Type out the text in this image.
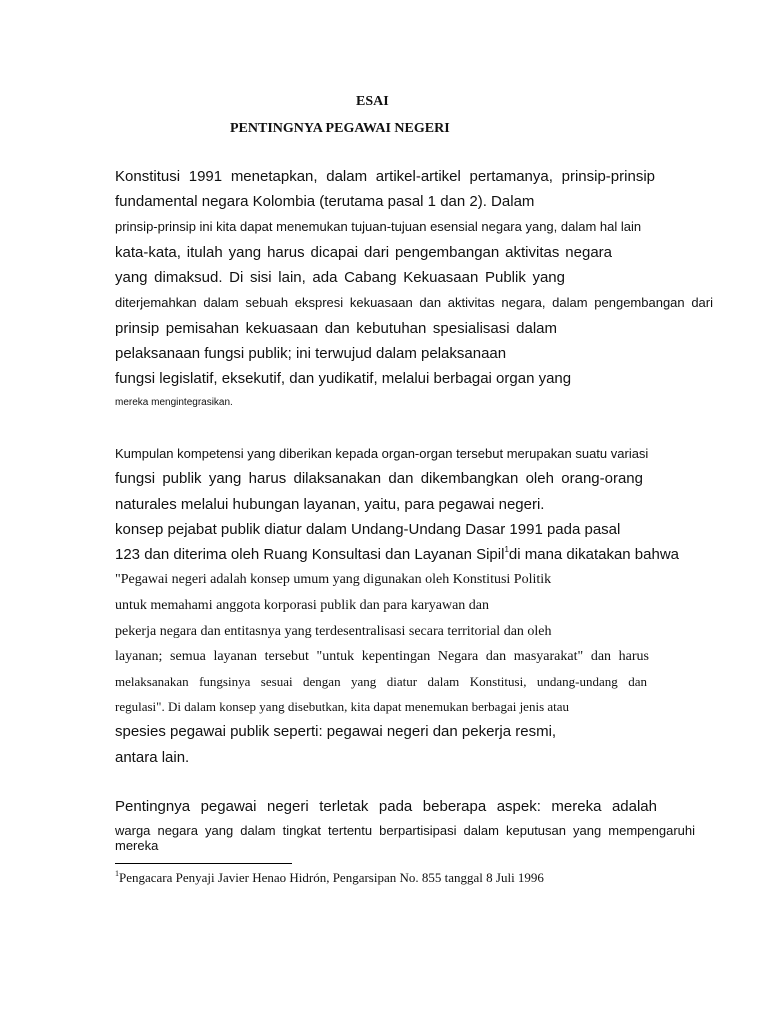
ESAI
PENTINGNYA PEGAWAI NEGERI
Konstitusi 1991 menetapkan, dalam artikel-artikel pertamanya, prinsip-prinsip
fundamental negara Kolombia (terutama pasal 1 dan 2). Dalam
prinsip-prinsip ini kita dapat menemukan tujuan-tujuan esensial negara yang, dalam hal lain
kata-kata, itulah yang harus dicapai dari pengembangan aktivitas negara
yang dimaksud. Di sisi lain, ada Cabang Kekuasaan Publik yang
diterjemahkan dalam sebuah ekspresi kekuasaan dan aktivitas negara, dalam pengembangan dari
prinsip pemisahan kekuasaan dan kebutuhan spesialisasi dalam
pelaksanaan fungsi publik; ini terwujud dalam pelaksanaan
fungsi legislatif, eksekutif, dan yudikatif, melalui berbagai organ yang
mereka mengintegrasikan.
Kumpulan kompetensi yang diberikan kepada organ-organ tersebut merupakan suatu variasi
fungsi publik yang harus dilaksanakan dan dikembangkan oleh orang-orang
naturales melalui hubungan layanan, yaitu, para pegawai negeri.
konsep pejabat publik diatur dalam Undang-Undang Dasar 1991 pada pasal
123 dan diterima oleh Ruang Konsultasi dan Layanan Sipil$^1$di mana dikatakan bahwa
"Pegawai negeri adalah konsep umum yang digunakan oleh Konstitusi Politik
untuk memahami anggota korporasi publik dan para karyawan dan
pekerja negara dan entitasnya yang terdesentralisasi secara territorial dan oleh
layanan; semua layanan tersebut "untuk kepentingan Negara dan masyarakat" dan harus
melaksanakan fungsinya sesuai dengan yang diatur dalam Konstitusi, undang-undang dan
regulasi". Di dalam konsep yang disebutkan, kita dapat menemukan berbagai jenis atau
spesies pegawai publik seperti: pegawai negeri dan pekerja resmi,
antara lain.
Pentingnya pegawai negeri terletak pada beberapa aspek: mereka adalah
warga negara yang dalam tingkat tertentu berpartisipasi dalam keputusan yang mempengaruhi mereka
$^1$Pengacara Penyaji Javier Henao Hidrón, Pengarsipan No. 855 tanggal 8 Juli 1996
